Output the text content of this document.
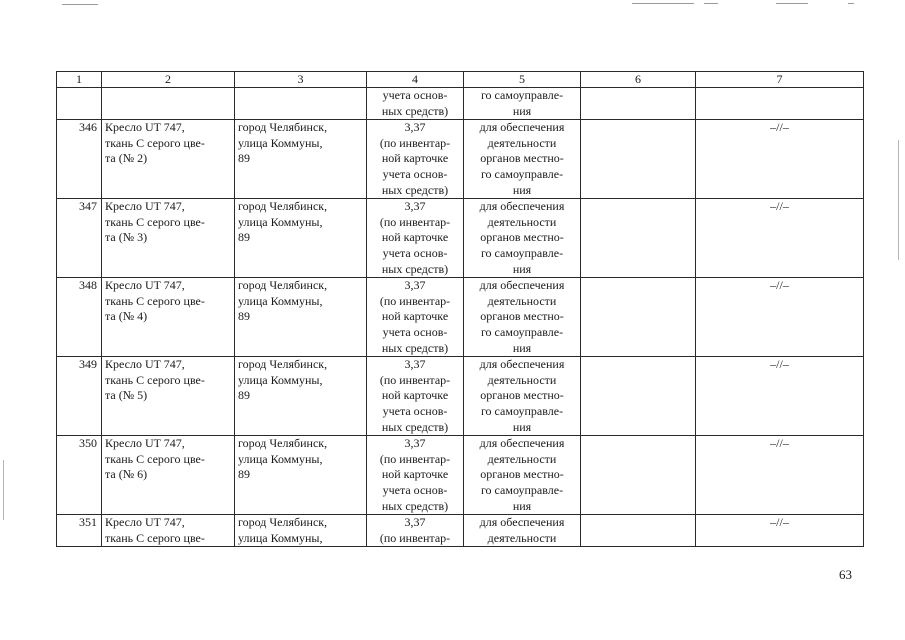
1	2	3	4	5	6	7

			учета основ-
ных средств)	го самоуправле-
ния		

346	Кресло UT 747,
ткань С серого цве-
та (№ 2)	город Челябинск,
улица Коммуны,
89	3,37
(по инвентар-
ной карточке
учета основ-
ных средств)	для обеспечения
деятельности
органов местно-
го самоуправле-
ния		–//–
347	Кресло UT 747,
ткань С серого цве-
та (№ 3)	город Челябинск,
улица Коммуны,
89	3,37
(по инвентар-
ной карточке
учета основ-
ных средств)	для обеспечения
деятельности
органов местно-
го самоуправле-
ния		–//–
348	Кресло UT 747,
ткань С серого цве-
та (№ 4)	город Челябинск,
улица Коммуны,
89	3,37
(по инвентар-
ной карточке
учета основ-
ных средств)	для обеспечения
деятельности
органов местно-
го самоуправле-
ния		–//–
349	Кресло UT 747,
ткань С серого цве-
та (№ 5)	город Челябинск,
улица Коммуны,
89	3,37
(по инвентар-
ной карточке
учета основ-
ных средств)	для обеспечения
деятельности
органов местно-
го самоуправле-
ния		–//–
350	Кресло UT 747,
ткань С серого цве-
та (№ 6)	город Челябинск,
улица Коммуны,
89	3,37
(по инвентар-
ной карточке
учета основ-
ных средств)	для обеспечения
деятельности
органов местно-
го самоуправле-
ния		–//–
351	Кресло UT 747,
ткань С серого цве-	город Челябинск,
улица Коммуны,	3,37
(по инвентар-	для обеспечения
деятельности		–//–
63
